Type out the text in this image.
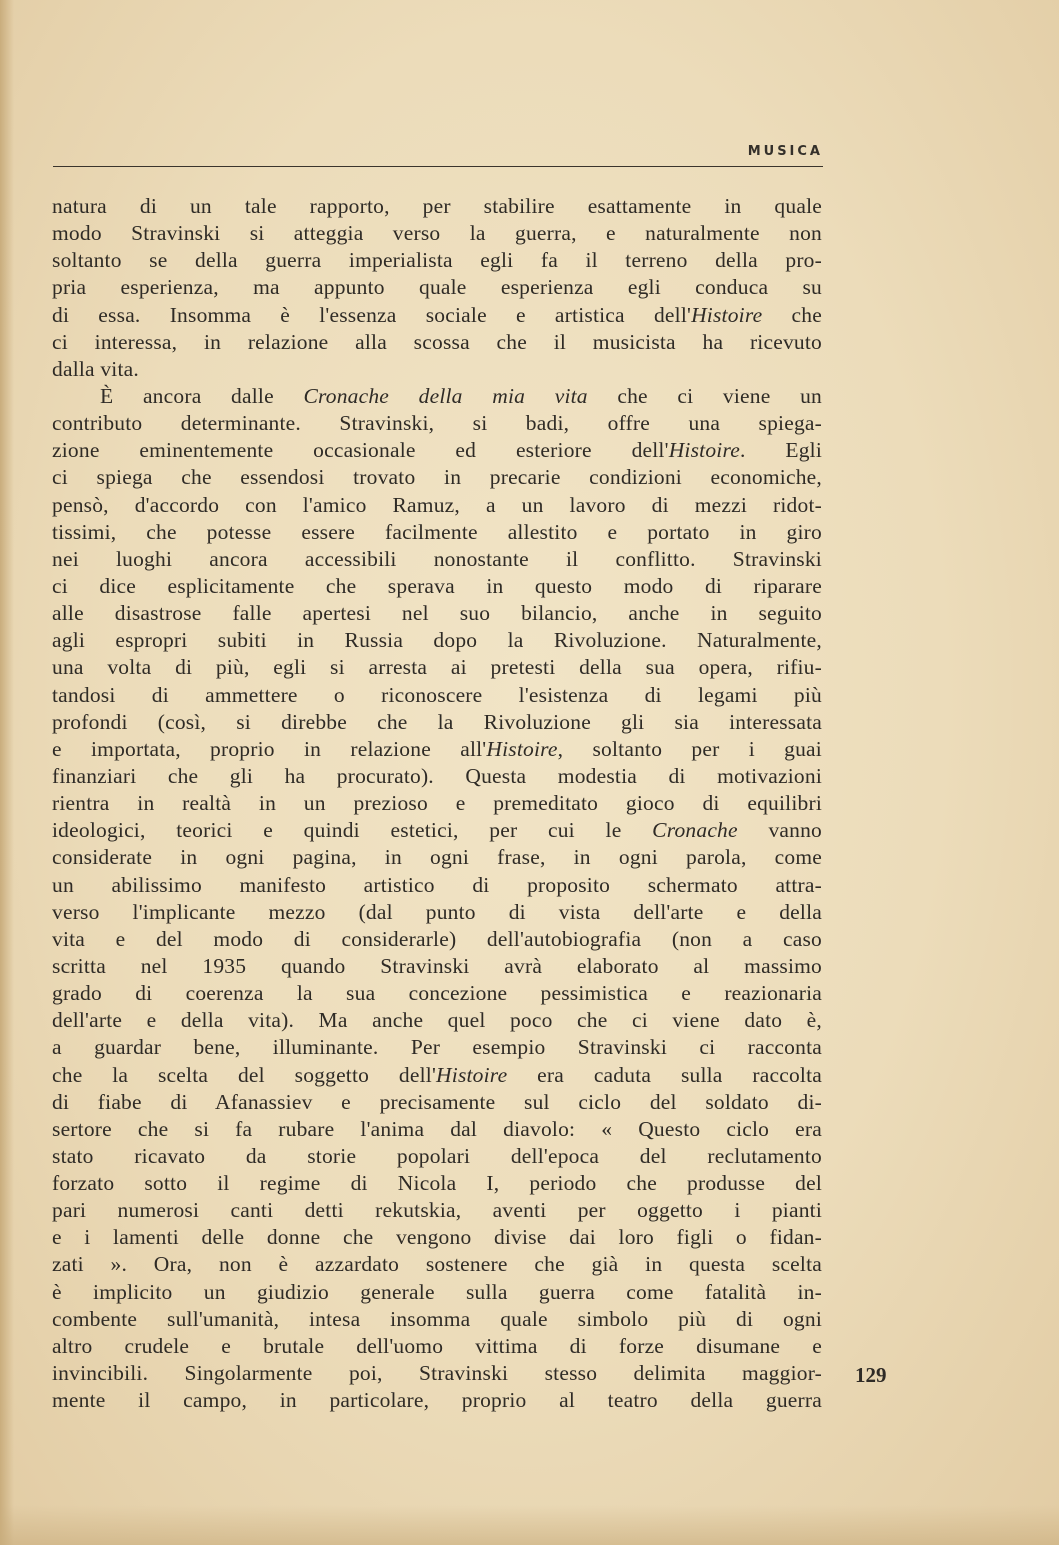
MUSICA
natura di un tale rapporto, per stabilire esattamente in quale
modo Stravinski si atteggia verso la guerra, e naturalmente non
soltanto se della guerra imperialista egli fa il terreno della pro-
pria esperienza, ma appunto quale esperienza egli conduca su
di essa. Insomma è l'essenza sociale e artistica dell'Histoire che
ci interessa, in relazione alla scossa che il musicista ha ricevuto
dalla vita.
È ancora dalle Cronache della mia vita che ci viene un
contributo determinante. Stravinski, si badi, offre una spiega-
zione eminentemente occasionale ed esteriore dell'Histoire. Egli
ci spiega che essendosi trovato in precarie condizioni economiche,
pensò, d'accordo con l'amico Ramuz, a un lavoro di mezzi ridot-
tissimi, che potesse essere facilmente allestito e portato in giro
nei luoghi ancora accessibili nonostante il conflitto. Stravinski
ci dice esplicitamente che sperava in questo modo di riparare
alle disastrose falle apertesi nel suo bilancio, anche in seguito
agli espropri subiti in Russia dopo la Rivoluzione. Naturalmente,
una volta di più, egli si arresta ai pretesti della sua opera, rifiu-
tandosi di ammettere o riconoscere l'esistenza di legami più
profondi (così, si direbbe che la Rivoluzione gli sia interessata
e importata, proprio in relazione all'Histoire, soltanto per i guai
finanziari che gli ha procurato). Questa modestia di motivazioni
rientra in realtà in un prezioso e premeditato gioco di equilibri
ideologici, teorici e quindi estetici, per cui le Cronache vanno
considerate in ogni pagina, in ogni frase, in ogni parola, come
un abilissimo manifesto artistico di proposito schermato attra-
verso l'implicante mezzo (dal punto di vista dell'arte e della
vita e del modo di considerarle) dell'autobiografia (non a caso
scritta nel 1935 quando Stravinski avrà elaborato al massimo
grado di coerenza la sua concezione pessimistica e reazionaria
dell'arte e della vita). Ma anche quel poco che ci viene dato è,
a guardar bene, illuminante. Per esempio Stravinski ci racconta
che la scelta del soggetto dell'Histoire era caduta sulla raccolta
di fiabe di Afanassiev e precisamente sul ciclo del soldato di-
sertore che si fa rubare l'anima dal diavolo: « Questo ciclo era
stato ricavato da storie popolari dell'epoca del reclutamento
forzato sotto il regime di Nicola I, periodo che produsse del
pari numerosi canti detti rekutskia, aventi per oggetto i pianti
e i lamenti delle donne che vengono divise dai loro figli o fidan-
zati ». Ora, non è azzardato sostenere che già in questa scelta
è implicito un giudizio generale sulla guerra come fatalità in-
combente sull'umanità, intesa insomma quale simbolo più di ogni
altro crudele e brutale dell'uomo vittima di forze disumane e
invincibili. Singolarmente poi, Stravinski stesso delimita maggior-
mente il campo, in particolare, proprio al teatro della guerra
129
